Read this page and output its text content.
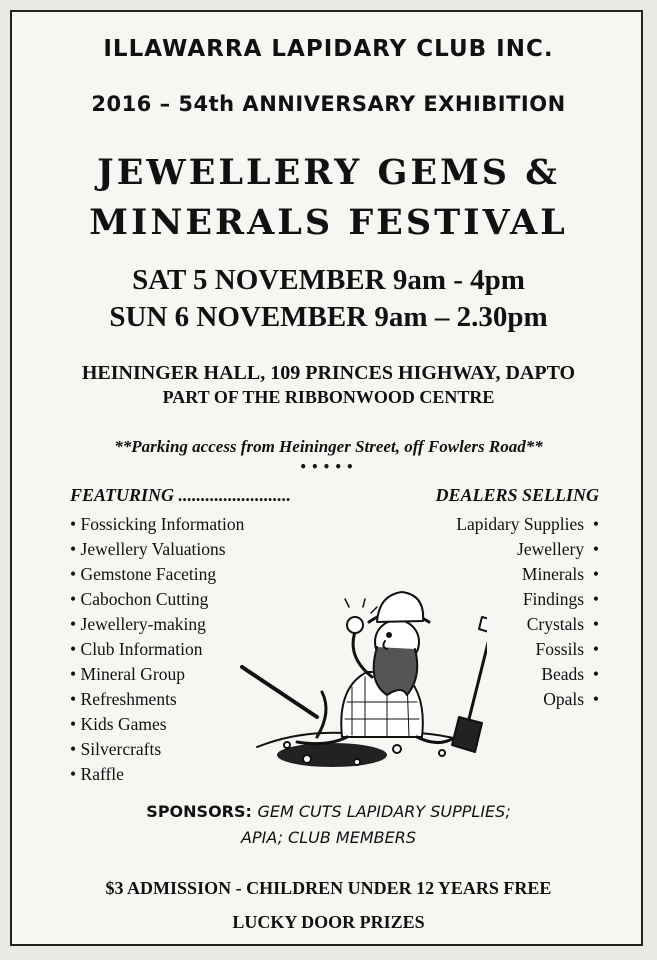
ILLAWARRA LAPIDARY CLUB INC.
2016 – 54th ANNIVERSARY EXHIBITION
JEWELLERY GEMS &
MINERALS FESTIVAL
SAT 5 NOVEMBER 9am - 4pm
SUN 6 NOVEMBER 9am – 2.30pm
HEININGER HALL, 109 PRINCES HIGHWAY, DAPTO
PART OF THE RIBBONWOOD CENTRE
**Parking access from Heininger Street, off Fowlers Road**
•••••
FEATURING .........................	DEALERS SELLING
• Fossicking Information
• Jewellery Valuations
• Gemstone Faceting
• Cabochon Cutting
• Jewellery-making
• Club Information
• Mineral Group
• Refreshments
• Kids Games
• Silvercrafts
• Raffle
Lapidary Supplies •
Jewellery •
Minerals •
Findings •
Crystals •
Fossils •
Beads •
Opals •
SPONSORS: GEM CUTS LAPIDARY SUPPLIES;
APIA; CLUB MEMBERS
$3 ADMISSION - CHILDREN UNDER 12 YEARS FREE
LUCKY DOOR PRIZES
